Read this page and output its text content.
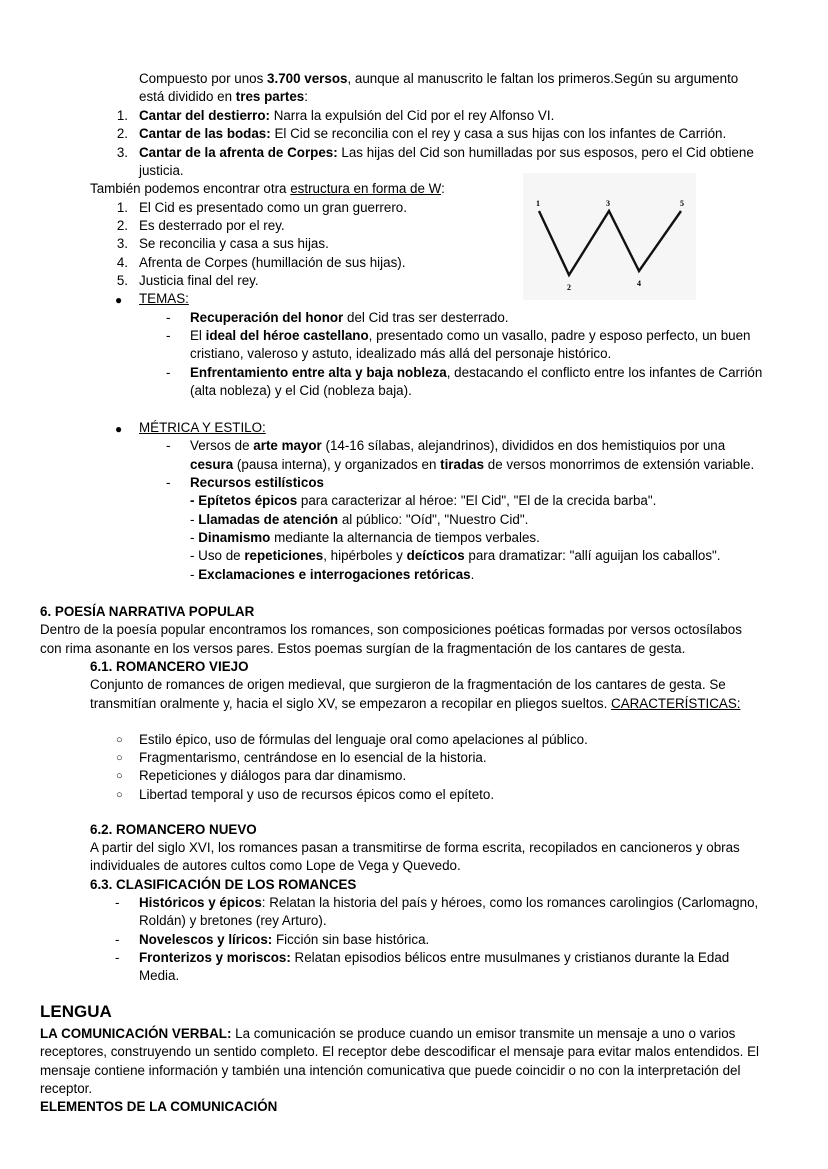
Compuesto por unos 3.700 versos, aunque al manuscrito le faltan los primeros.Según su argumento
está dividido en tres partes:
1. Cantar del destierro: Narra la expulsión del Cid por el rey Alfonso VI.
2. Cantar de las bodas: El Cid se reconcilia con el rey y casa a sus hijas con los infantes de Carrión.
3. Cantar de la afrenta de Corpes: Las hijas del Cid son humilladas por sus esposos, pero el Cid obtiene
justicia.
También podemos encontrar otra estructura en forma de W:
1. El Cid es presentado como un gran guerrero.
2. Es desterrado por el rey.
3. Se reconcilia y casa a sus hijas.
4. Afrenta de Corpes (humillación de sus hijas).
5. Justicia final del rey.
1
2
3
4
5
● TEMAS:
- Recuperación del honor del Cid tras ser desterrado.
- El ideal del héroe castellano, presentado como un vasallo, padre y esposo perfecto, un buen
cristiano, valeroso y astuto, idealizado más allá del personaje histórico.
- Enfrentamiento entre alta y baja nobleza, destacando el conflicto entre los infantes de Carrión
(alta nobleza) y el Cid (nobleza baja).
● MÉTRICA Y ESTILO:
- Versos de arte mayor (14-16 sílabas, alejandrinos), divididos en dos hemistiquios por una
cesura (pausa interna), y organizados en tiradas de versos monorrimos de extensión variable.
- Recursos estilísticos
- Epítetos épicos para caracterizar al héroe: "El Cid", "El de la crecida barba".
- Llamadas de atención al público: "Oíd", "Nuestro Cid".
- Dinamismo mediante la alternancia de tiempos verbales.
- Uso de repeticiones, hipérboles y deícticos para dramatizar: "allí aguijan los caballos".
- Exclamaciones e interrogaciones retóricas.
6. POESÍA NARRATIVA POPULAR
Dentro de la poesía popular encontramos los romances, son composiciones poéticas formadas por versos octosílabos
con rima asonante en los versos pares. Estos poemas surgían de la fragmentación de los cantares de gesta.
6.1. ROMANCERO VIEJO
Conjunto de romances de origen medieval, que surgieron de la fragmentación de los cantares de gesta. Se
transmitían oralmente y, hacia el siglo XV, se empezaron a recopilar en pliegos sueltos. CARACTERÍSTICAS:
○ Estilo épico, uso de fórmulas del lenguaje oral como apelaciones al público.
○ Fragmentarismo, centrándose en lo esencial de la historia.
○ Repeticiones y diálogos para dar dinamismo.
○ Libertad temporal y uso de recursos épicos como el epíteto.
6.2. ROMANCERO NUEVO
A partir del siglo XVI, los romances pasan a transmitirse de forma escrita, recopilados en cancioneros y obras
individuales de autores cultos como Lope de Vega y Quevedo.
6.3. CLASIFICACIÓN DE LOS ROMANCES
- Históricos y épicos: Relatan la historia del país y héroes, como los romances carolingios (Carlomagno,
Roldán) y bretones (rey Arturo).
- Novelescos y líricos: Ficción sin base histórica.
- Fronterizos y moriscos: Relatan episodios bélicos entre musulmanes y cristianos durante la Edad
Media.
LENGUA
LA COMUNICACIÓN VERBAL: La comunicación se produce cuando un emisor transmite un mensaje a uno o varios
receptores, construyendo un sentido completo. El receptor debe descodificar el mensaje para evitar malos entendidos. El
mensaje contiene información y también una intención comunicativa que puede coincidir o no con la interpretación del
receptor.
ELEMENTOS DE LA COMUNICACIÓN
